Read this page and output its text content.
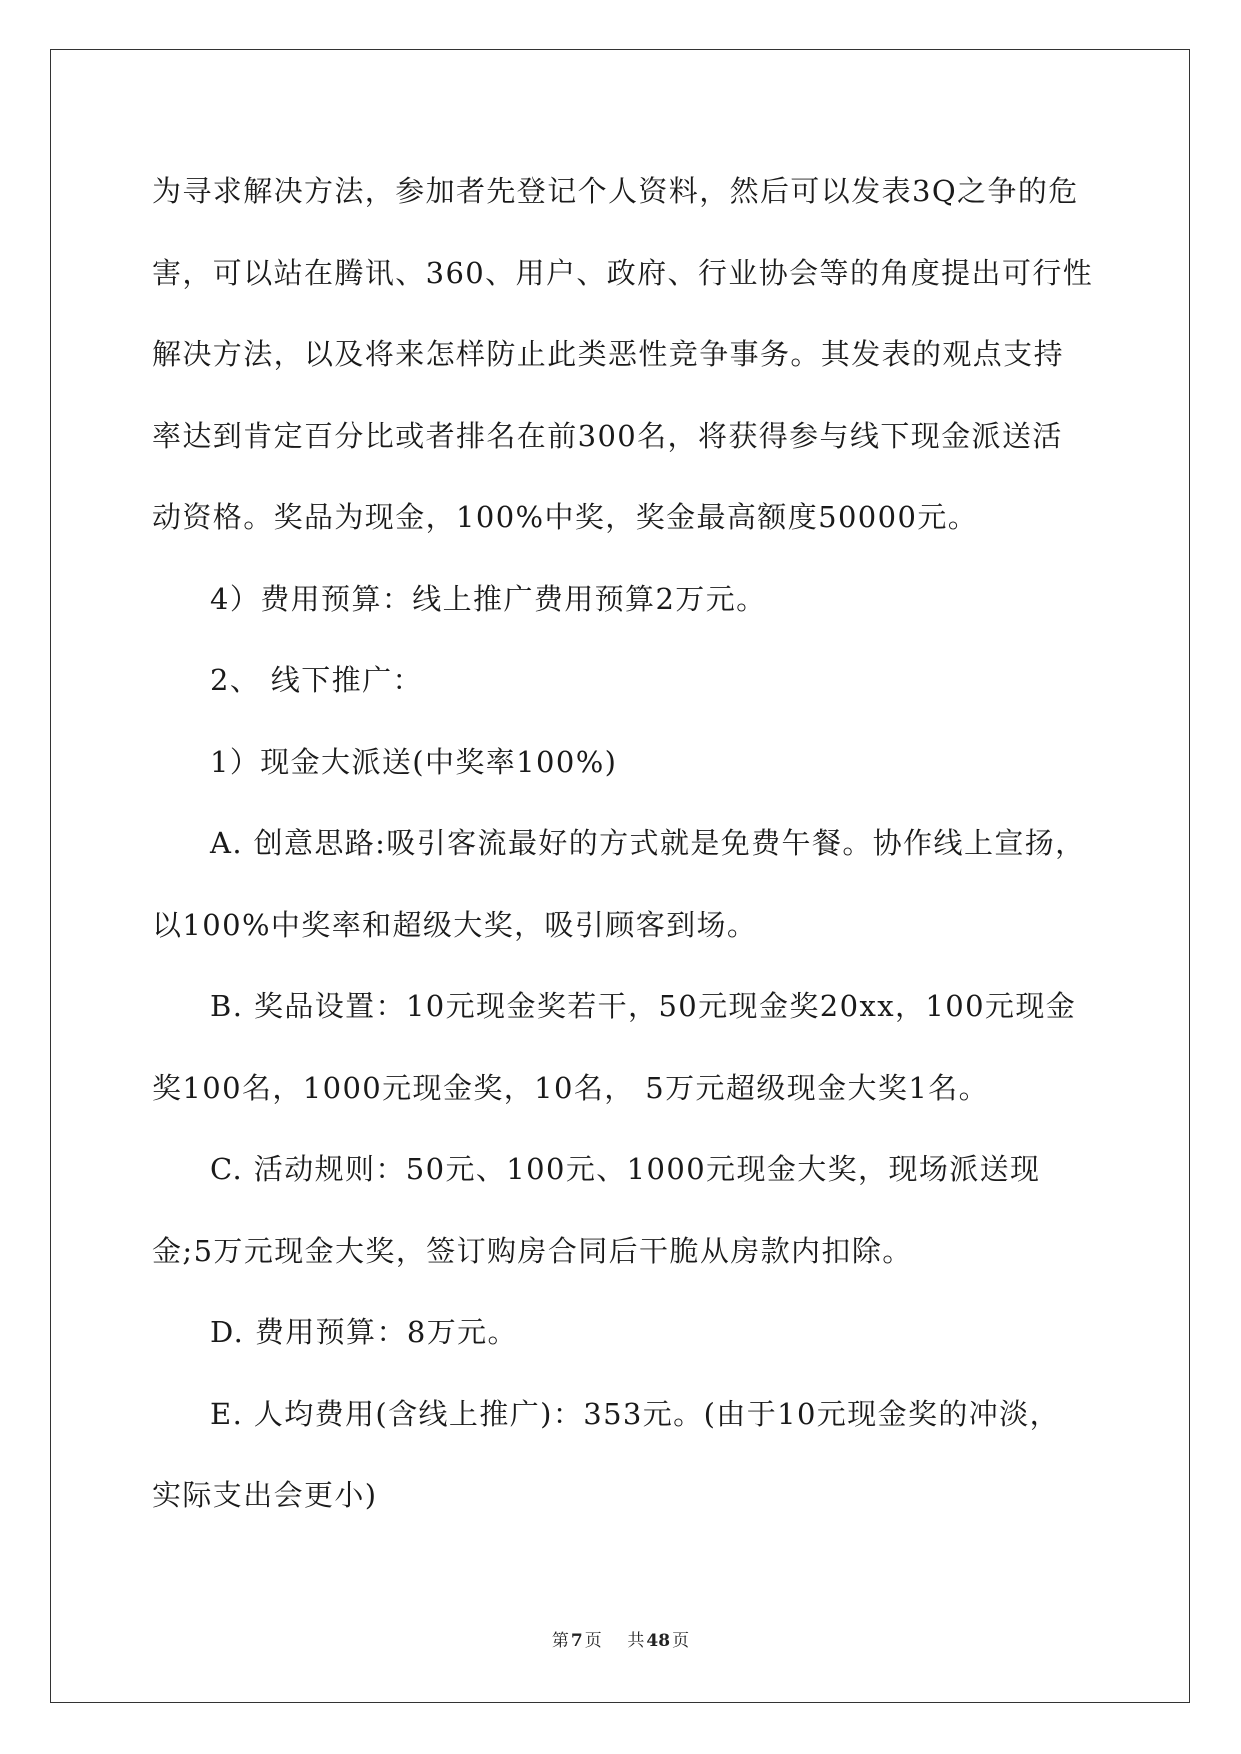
为寻求解决方法，参加者先登记个人资料，然后可以发表3Q之争的危
害，可以站在腾讯、360、用户、政府、行业协会等的角度提出可行性
解决方法，以及将来怎样防止此类恶性竞争事务。其发表的观点支持
率达到肯定百分比或者排名在前300名，将获得参与线下现金派送活
动资格。奖品为现金，100%中奖，奖金最高额度50000元。
4）费用预算：线上推广费用预算2万元。
2、 线下推广：
1）现金大派送(中奖率100%)
A. 创意思路:吸引客流最好的方式就是免费午餐。协作线上宣扬，
以100%中奖率和超级大奖，吸引顾客到场。
B. 奖品设置：10元现金奖若干，50元现金奖20xx，100元现金
奖100名，1000元现金奖，10名， 5万元超级现金大奖1名。
C. 活动规则：50元、100元、1000元现金大奖，现场派送现
金;5万元现金大奖，签订购房合同后干脆从房款内扣除。
D. 费用预算：8万元。
E. 人均费用(含线上推广)：353元。(由于10元现金奖的冲淡，
实际支出会更小)
第 7 页 共 48 页
